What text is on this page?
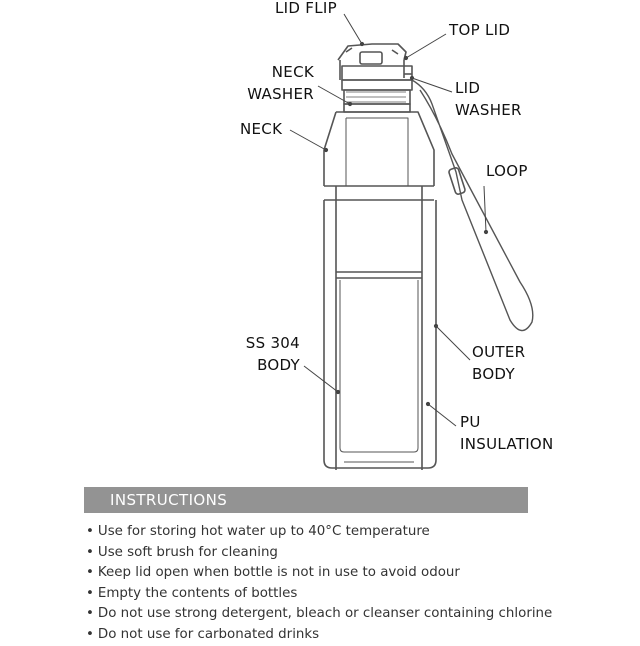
LID FLIP
TOP LID
NECK
WASHER	LID
WASHER
NECK
LOOP
SS 304
BODY
OUTER
BODY
PU
INSULATION
INSTRUCTIONS
• Use for storing hot water up to 40°C temperature
• Use soft brush for cleaning
• Keep lid open when bottle is not in use to avoid odour
• Empty the contents of bottles
• Do not use strong detergent, bleach or cleanser containing chlorine
• Do not use for carbonated drinks
